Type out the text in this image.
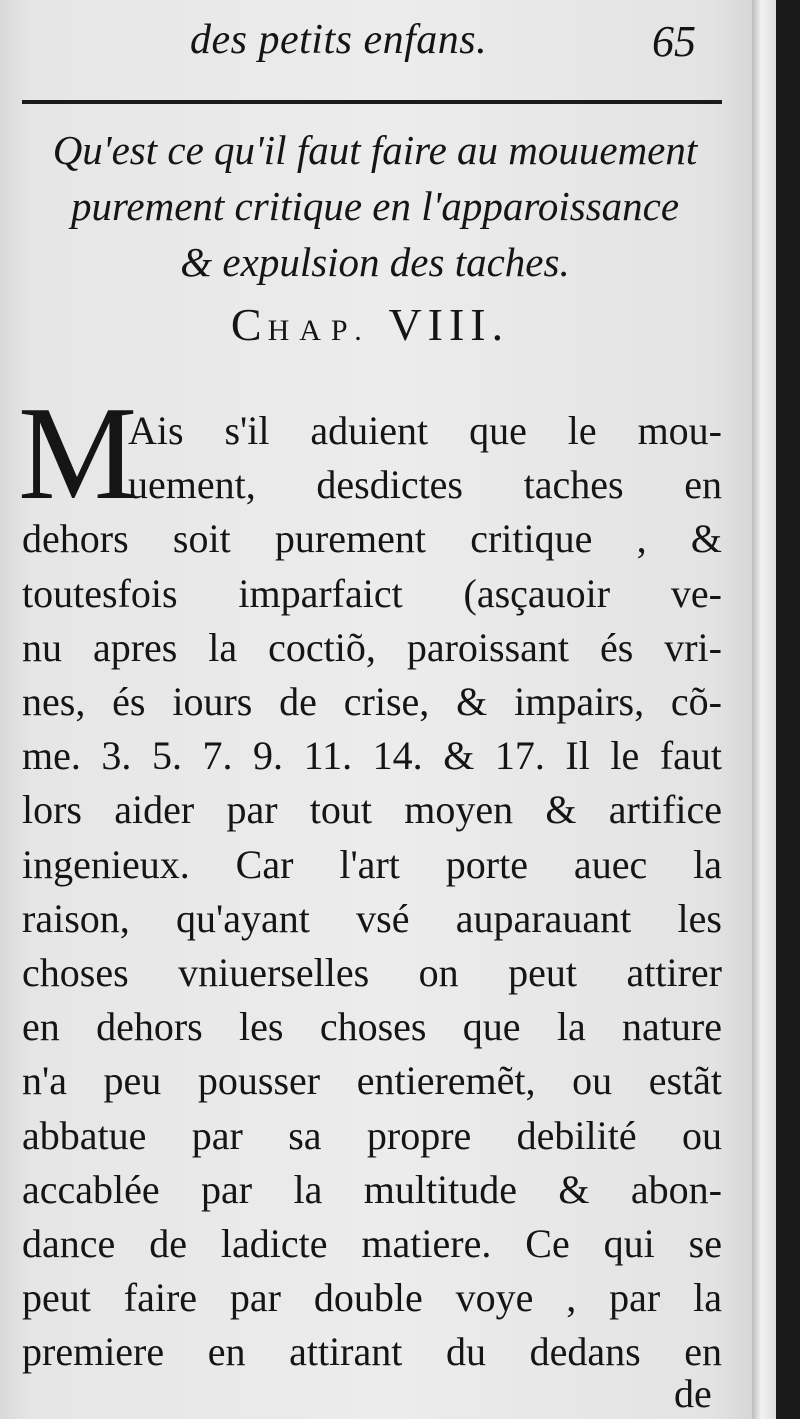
des petits enfans.	65
Qu'est ce qu'il faut faire au mouuement
purement critique en l'apparoissance
& expulsion des taches.
CHAP. VIII.
M
Ais s'il aduient que le mou-
uement, desdictes taches en
dehors soit purement critique , &
toutesfois imparfaict (asçauoir ve-
nu apres la coctiõ, paroissant és vri-
nes, és iours de crise, & impairs, cõ-
me. 3. 5. 7. 9. 11. 14. & 17. Il le faut
lors aider par tout moyen & artifice
ingenieux. Car l'art porte auec la
raison, qu'ayant vsé auparauant les
choses vniuerselles on peut attirer
en dehors les choses que la nature
n'a peu pousser entieremẽt, ou estãt
abbatue par sa propre debilité ou
accablée par la multitude & abon-
dance de ladicte matiere. Ce qui se
peut faire par double voye , par la
premiere en attirant du dedans en
de
